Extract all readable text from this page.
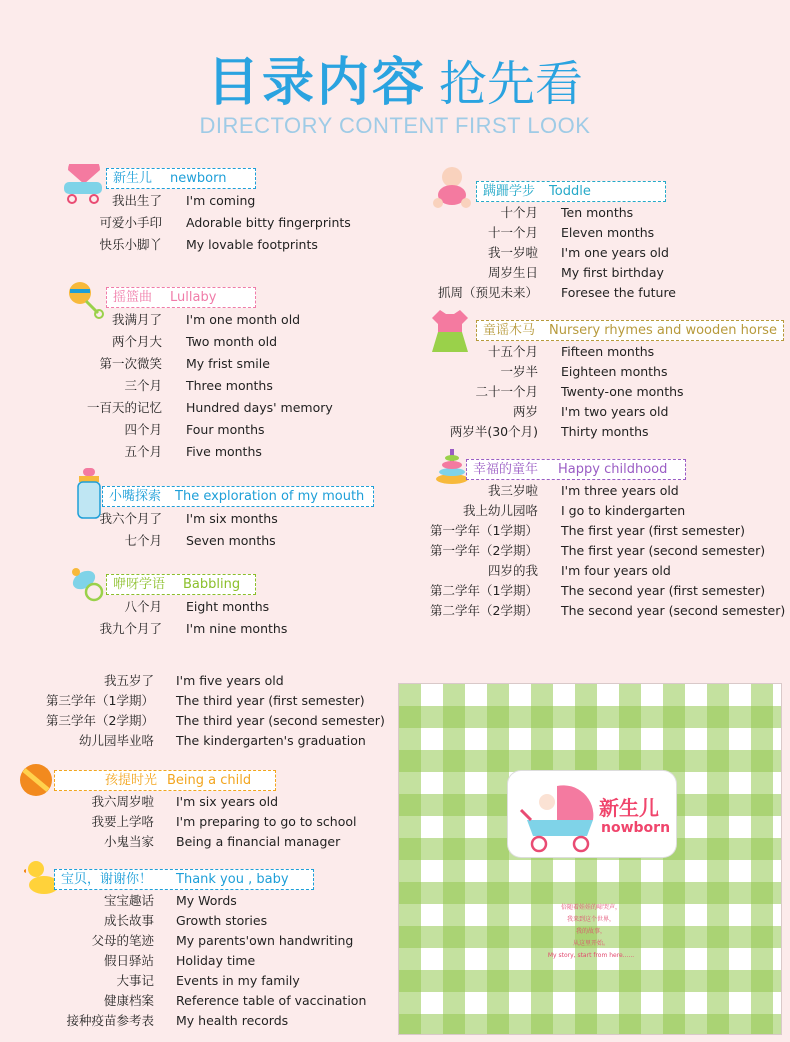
目录内容 抢先看
DIRECTORY CONTENT FIRST LOOK
新生儿 newborn
我出生了 I'm coming
可爱小手印 Adorable bitty fingerprints
快乐小脚丫 My lovable footprints
摇篮曲 Lullaby
我满月了 I'm one month old
两个月大 Two month old
第一次微笑 My frist smile
三个月 Three months
一百天的记忆 Hundred days' memory
四个月 Four months
五个月 Five months
小嘴探索 The exploration of my mouth
我六个月了 I'm six months
七个月 Seven months
咿呀学语 Babbling
八个月 Eight months
我九个月了 I'm nine months
蹒跚学步 Toddle
十个月 Ten months
十一个月 Eleven months
我一岁啦 I'm one years old
周岁生日 My first birthday
抓周（预见未来） Foresee the future
童谣木马 Nursery rhymes and wooden horse
十五个月 Fifteen months
一岁半 Eighteen months
二十一个月 Twenty-one months
两岁 I'm two years old
两岁半(30个月) Thirty months
幸福的童年 Happy childhood
我三岁啦 I'm three years old
我上幼儿园咯 I go to kindergarten
第一学年（1学期） The first year (first semester)
第一学年（2学期） The first year (second semester)
四岁的我 I'm four years old
第二学年（1学期） The second year (first semester)
第二学年（2学期） The second year (second semester)
我五岁了 I'm five years old
第三学年（1学期） The third year (first semester)
第三学年（2学期） The third year (second semester)
幼儿园毕业咯 The kindergarten's graduation
孩提时光 Being a child
我六周岁啦 I'm six years old
我要上学咯 I'm preparing to go to school
小鬼当家 Being a financial manager
宝贝，谢谢你！ Thank you , baby
宝宝趣话 My Words
成长故事 Growth stories
父母的笔迹 My parents'own handwriting
假日驿站 Holiday time
大事记 Events in my family
健康档案 Reference table of vaccination
接种疫苗参考表 My health records
新生儿
nowborn
倍随着娃娃的啼哭声，
我来到这个世界，
我的故事，
从这里开始。
My story, start from here......
